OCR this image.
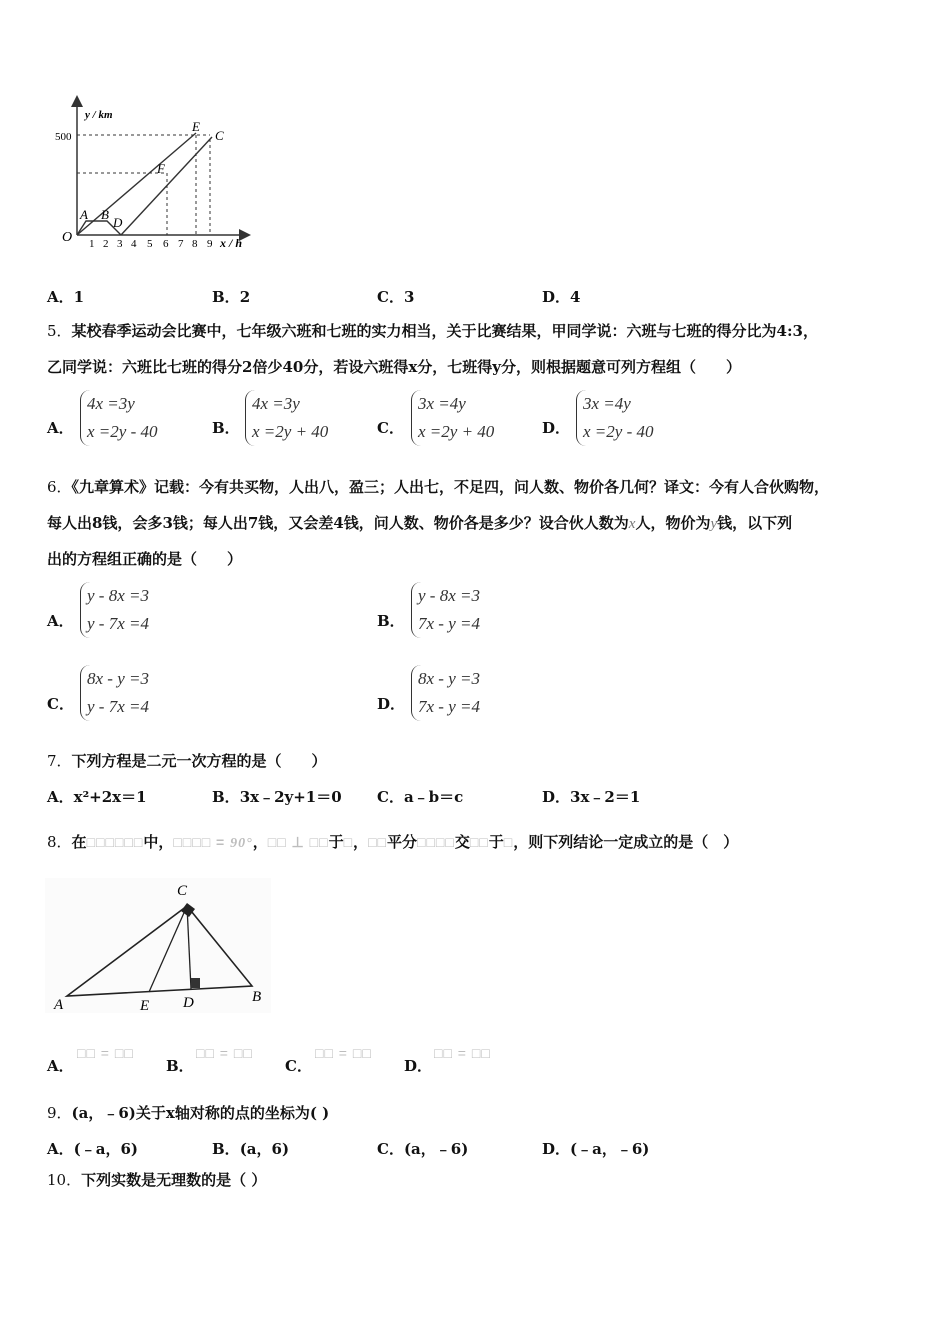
y / km
500
O
A B
D
F
E
C
1 2 3 4 5 6 7 8 9 x / h
A．1	B．2	C．3	D．4
5．某校春季运动会比赛中，七年级六班和七班的实力相当，关于比赛结果，甲同学说：六班与七班的得分比为4:3，
乙同学说：六班比七班的得分2倍少40分，若设六班得x分，七班得y分，则根据题意可列方程组（　　）
A．
4x =3y
x =2y - 40	B．
4x =3y
x =2y + 40	C．
3x =4y
x =2y + 40	D．
3x =4y
x =2y - 40
6．《九章算术》记载：今有共买物，人出八，盈三；人出七，不足四，问人数、物价各几何？译文：今有人合伙购物，
每人出8钱，会多3钱；每人出7钱，又会差4钱，问人数、物价各是多少？设合伙人数为x人，物价为y钱，以下列
出的方程组正确的是（　　）
A．
y - 8x =3
y - 7x =4	B．
y - 8x =3
7x - y =4
C．
8x - y =3
y - 7x =4	D．
8x - y =3
7x - y =4
7．下列方程是二元一次方程的是（　　）
A．x²+2x＝1	B．3x﹣2y+1＝0 C．a﹣b＝c	D．3x﹣2＝1
8．在□□□□□□中，□□□□ = 90°，□□ ⊥ □□于□，□□平分□□□□交□□于□，则下列结论一定成立的是（　）
C
A	E D	B
A．
□□ = □□
B．
□□ = □□
C．
□□ = □□
D．
□□ = □□
9．(a，﹣6)关于x轴对称的点的坐标为( )
A．(﹣a，6)	B．(a，6)	C．(a，﹣6)	D．(﹣a，﹣6)
10．下列实数是无理数的是（ ）
